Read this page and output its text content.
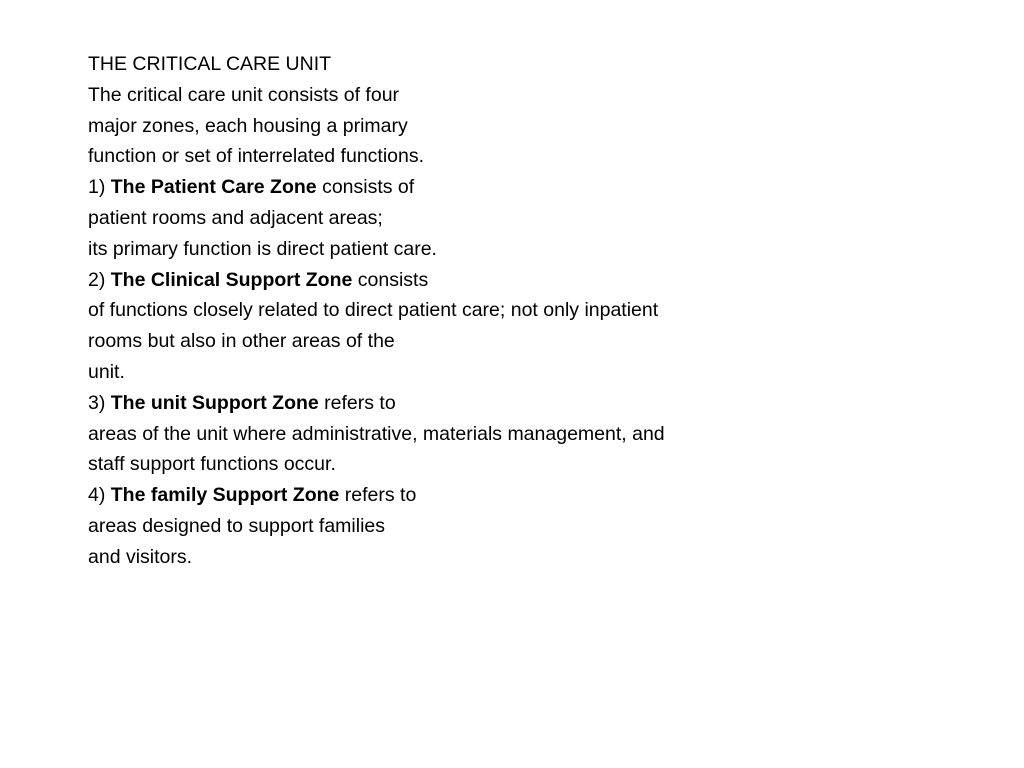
THE CRITICAL CARE UNIT
The critical care unit consists of four
major zones, each housing a primary
function or set of interrelated functions.
1) The Patient Care Zone consists of
patient rooms and adjacent areas;
its primary function is direct patient care.
2) The Clinical Support Zone consists
of functions closely related to direct patient care; not only inpatient
rooms but also in other areas of the
unit.
3) The unit Support Zone refers to
areas of the unit where administrative, materials management, and
staff support functions occur.
4) The family Support Zone refers to
areas designed to support families
and visitors.
